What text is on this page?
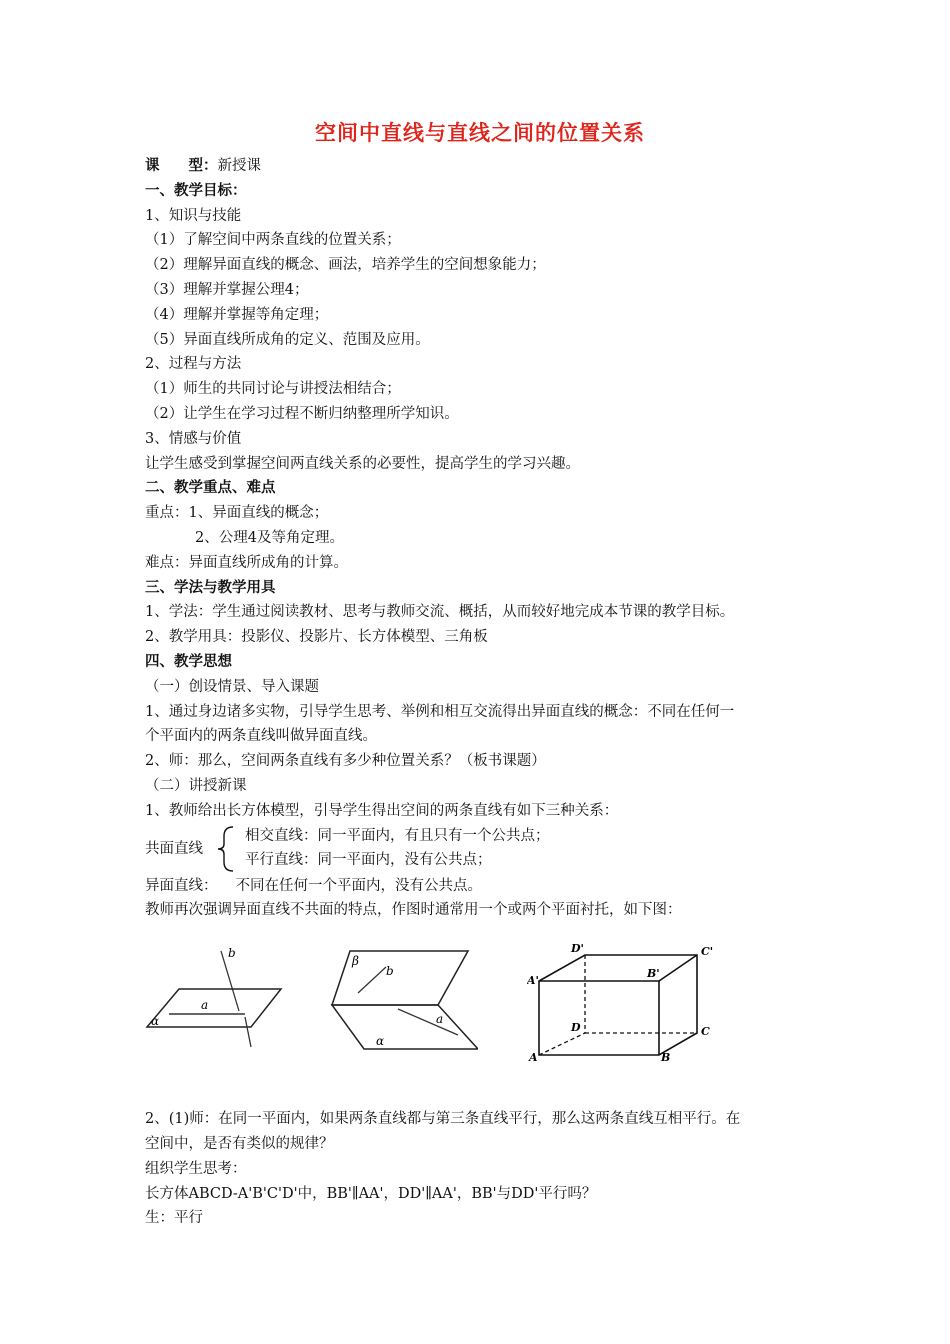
空间中直线与直线之间的位置关系
课　　型：新授课
一、教学目标：
1、知识与技能
（1）了解空间中两条直线的位置关系；
（2）理解异面直线的概念、画法，培养学生的空间想象能力；
（3）理解并掌握公理4；
（4）理解并掌握等角定理；
（5）异面直线所成角的定义、范围及应用。
2、过程与方法
（1）师生的共同讨论与讲授法相结合；
（2）让学生在学习过程不断归纳整理所学知识。
3、情感与价值
让学生感受到掌握空间两直线关系的必要性，提高学生的学习兴趣。
二、教学重点、难点
重点：1、异面直线的概念；
2、公理4及等角定理。
难点：异面直线所成角的计算。
三、学法与教学用具
1、学法：学生通过阅读教材、思考与教师交流、概括，从而较好地完成本节课的教学目标。
2、教学用具：投影仪、投影片、长方体模型、三角板
四、教学思想
（一）创设情景、导入课题
1、通过身边诸多实物，引导学生思考、举例和相互交流得出异面直线的概念：不同在任何一
个平面内的两条直线叫做异面直线。
2、师：那么，空间两条直线有多少种位置关系？（板书课题）
（二）讲授新课
1、教师给出长方体模型，引导学生得出空间的两条直线有如下三种关系：
共面直线
相交直线：同一平面内，有且只有一个公共点；
平行直线：同一平面内，没有公共点；
异面直线： 不同在任何一个平面内，没有公共点。
教师再次强调异面直线不共面的特点，作图时通常用一个或两个平面衬托，如下图：
a
b
α	a
b
α
β
D'	C'
A'
B'
D	C
A	B
2、(1)师：在同一平面内，如果两条直线都与第三条直线平行，那么这两条直线互相平行。在
空间中，是否有类似的规律？
组织学生思考：
长方体ABCD-A'B'C'D'中，BB'∥AA'，DD'∥AA'，BB'与DD'平行吗？
生：平行
